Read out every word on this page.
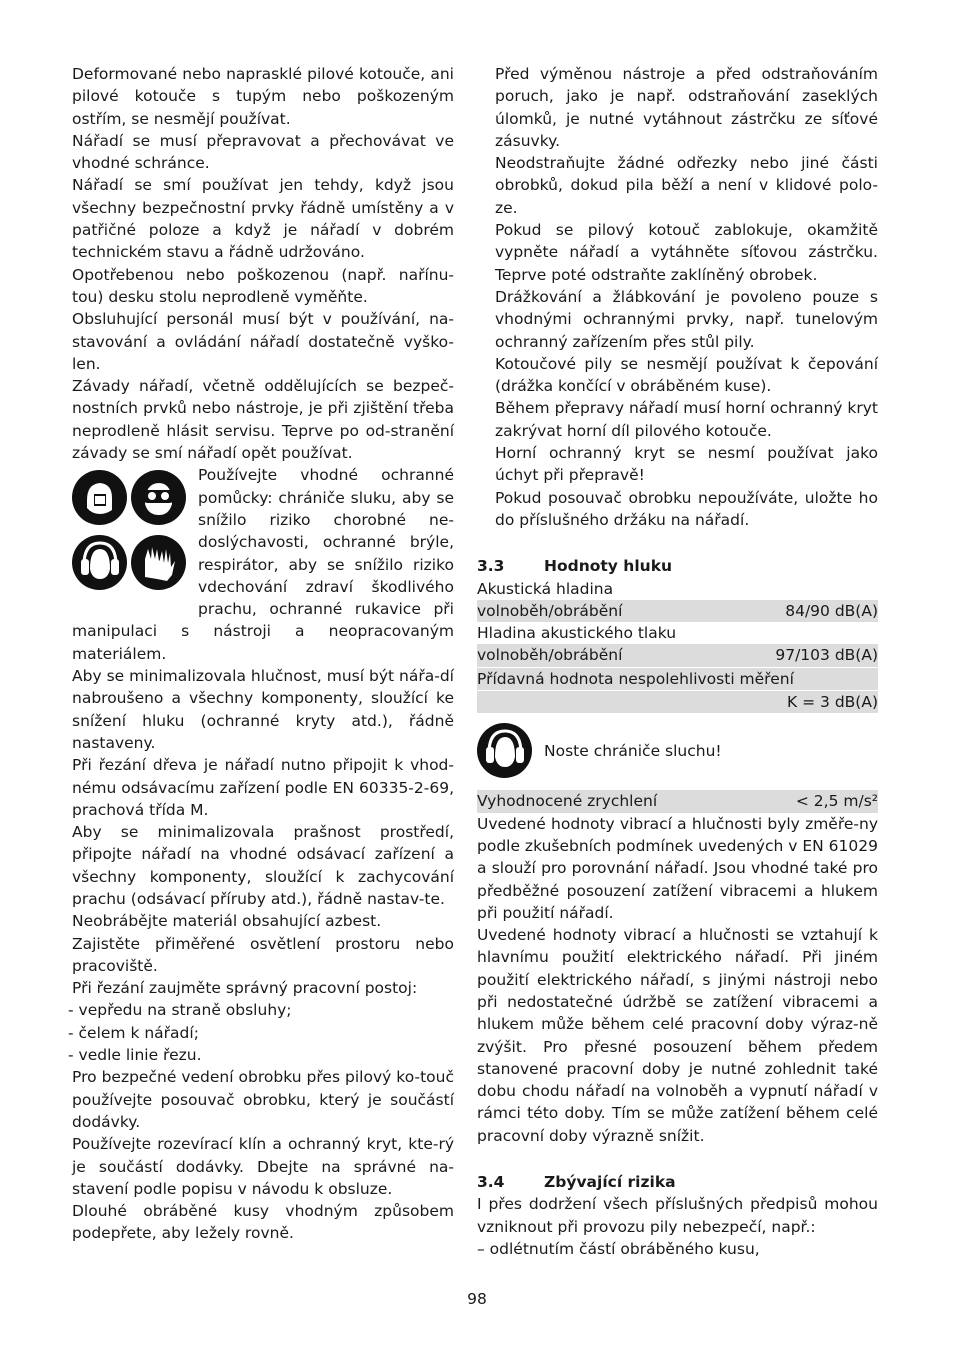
Deformované nebo naprasklé pilové kotouče, ani pilové kotouče s tupým nebo poškozeným ostřím, se nesmějí používat.

Nářadí se musí přepravovat a přechovávat ve vhodné schránce.

Nářadí se smí používat jen tehdy, když jsou všechny bezpečnostní prvky řádně umístěny a v patřičné poloze a když je nářadí v dobrém technickém stavu a řádně udržováno.

Opotřebenou nebo poškozenou (např. nařínu-tou) desku stolu neprodleně vyměňte.

Obsluhující personál musí být v používání, na-stavování a ovládání nářadí dostatečně vyško-len.

Závady nářadí, včetně oddělujících se bezpeč-nostních prvků nebo nástroje, je při zjištění třeba neprodleně hlásit servisu. Teprve po od-stranění závady se smí nářadí opět používat.

Používejte vhodné ochranné pomůcky: chrániče sluku, aby se snížilo riziko chorobné ne-doslýchavosti, ochranné brýle, respirátor, aby se snížilo riziko vdechování zdraví škodlivého prachu, ochranné rukavice při manipulaci s nástroji a neopracovaným materiálem.

Aby se minimalizovala hlučnost, musí být nářa-dí nabroušeno a všechny komponenty, sloužící ke snížení hluku (ochranné kryty atd.), řádně nastaveny.

Při řezání dřeva je nářadí nutno připojit k vhod-nému odsávacímu zařízení podle EN 60335-2-69, prachová třída M.

Aby se minimalizovala prašnost prostředí, připojte nářadí na vhodné odsávací zařízení a všechny komponenty, sloužící k zachycování prachu (odsávací příruby atd.), řádně nastav-te.

Neobrábějte materiál obsahující azbest.

Zajistěte přiměřené osvětlení prostoru nebo pracoviště.

Při řezání zaujměte správný pracovní postoj:

- vepředu na straně obsluhy;
- čelem k nářadí;
- vedle linie řezu.

Pro bezpečné vedení obrobku přes pilový ko-touč používejte posouvač obrobku, který je součástí dodávky.

Používejte rozevírací klín a ochranný kryt, kte-rý je součástí dodávky. Dbejte na správné na-stavení podle popisu v návodu k obsluze.

Dlouhé obráběné kusy vhodným způsobem podepřete, aby ležely rovně.

Před výměnou nástroje a před odstraňováním poruch, jako je např. odstraňování zaseklých úlomků, je nutné vytáhnout zástrčku ze síťové zásuvky.

Neodstraňujte žádné odřezky nebo jiné části obrobků, dokud pila běží a není v klidové polo-ze.

Pokud se pilový kotouč zablokuje, okamžitě vypněte nářadí a vytáhněte síťovou zástrčku. Teprve poté odstraňte zaklíněný obrobek.

Drážkování a žlábkování je povoleno pouze s vhodnými ochrannými prvky, např. tunelovým ochranný zařízením přes stůl pily.

Kotoučové pily se nesmějí používat k čepování (drážka končící v obráběném kuse).

Během přepravy nářadí musí horní ochranný kryt zakrývat horní díl pilového kotouče.

Horní ochranný kryt se nesmí používat jako úchyt při přepravě!

Pokud posouvač obrobku nepoužíváte, uložte ho do příslušného držáku na nářadí.

3.3	Hodnoty hluku
Akustická hladina
volnoběh/obrábění	84/90 dB(A)
Hladina akustického tlaku
volnoběh/obrábění	97/103 dB(A)
Přídavná hodnota nespolehlivosti měření
K = 3 dB(A)
Noste chrániče sluchu!
Vyhodnocené zrychlení	< 2,5 m/s²

Uvedené hodnoty vibrací a hlučnosti byly změře-ny podle zkušebních podmínek uvedených v EN 61029 a slouží pro porovnání nářadí. Jsou vhodné také pro předběžné posouzení zatížení vibracemi a hlukem při použití nářadí.

Uvedené hodnoty vibrací a hlučnosti se vztahují k hlavnímu použití elektrického nářadí. Při jiném použití elektrického nářadí, s jinými nástroji nebo při nedostatečné údržbě se zatížení vibracemi a hlukem může během celé pracovní doby výraz-ně zvýšit. Pro přesné posouzení během předem stanovené pracovní doby je nutné zohlednit také dobu chodu nářadí na volnoběh a vypnutí nářadí v rámci této doby. Tím se může zatížení během celé pracovní doby výrazně snížit.

3.4	Zbývající rizika

I přes dodržení všech příslušných předpisů mohou vzniknout při provozu pily nebezpečí, např.:

– odlétnutím částí obráběného kusu,

98
